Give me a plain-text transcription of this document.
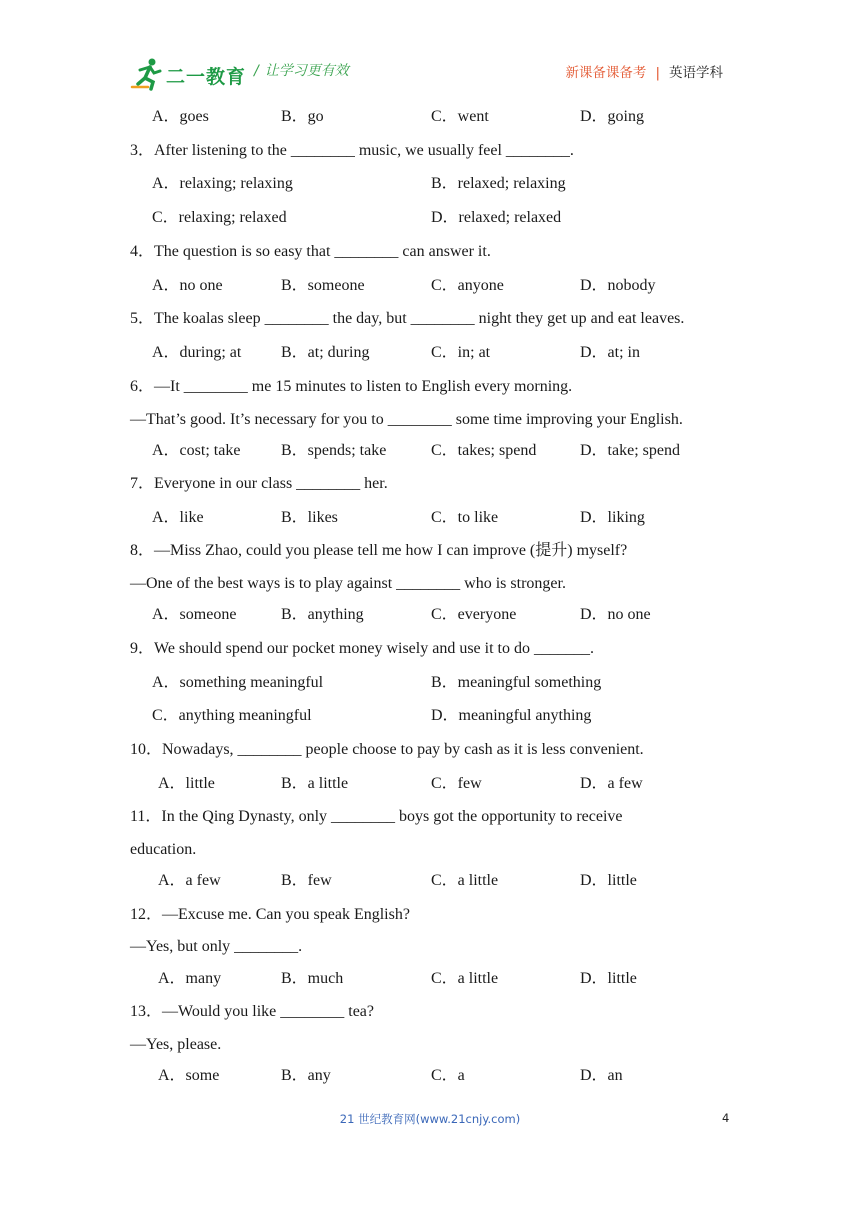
二一教育 / 让学习更有效	新课备课备考 | 英语学科
A．goes	B．go	C．went	D．going
3．After listening to the ________ music, we usually feel ________.
A．relaxing; relaxing	B．relaxed; relaxing
C．relaxing; relaxed	D．relaxed; relaxed
4．The question is so easy that ________ can answer it.
A．no one	B．someone	C．anyone	D．nobody
5．The koalas sleep ________ the day, but ________ night they get up and eat leaves.
A．during; at B．at; during	C．in; at	D．at; in
6．—It ________ me 15 minutes to listen to English every morning.
—That’s good. It’s necessary for you to ________ some time improving your English.
A．cost; take	B．spends; take	C．takes; spend	D．take; spend
7．Everyone in our class ________ her.
A．like	B．likes	C．to like	D．liking
8．—Miss Zhao, could you please tell me how I can improve (提升) myself?
—One of the best ways is to play against ________ who is stronger.
A．someone	B．anything	C．everyone	D．no one
9．We should spend our pocket money wisely and use it to do _______.
A．something meaningful	B．meaningful something
C．anything meaningful	D．meaningful anything
10．Nowadays, ________ people choose to pay by cash as it is less convenient.
A．little	B．a little	C．few	D．a few
11．In the Qing Dynasty, only ________ boys got the opportunity to receive
education.
A．a few	B．few	C．a little	D．little
12．—Excuse me. Can you speak English?
—Yes, but only ________.
A．many	B．much	C．a little	D．little
13．—Would you like ________ tea?
—Yes, please.
A．some	B．any	C．a	D．an
21 世纪教育网(www.21cnjy.com)	4
